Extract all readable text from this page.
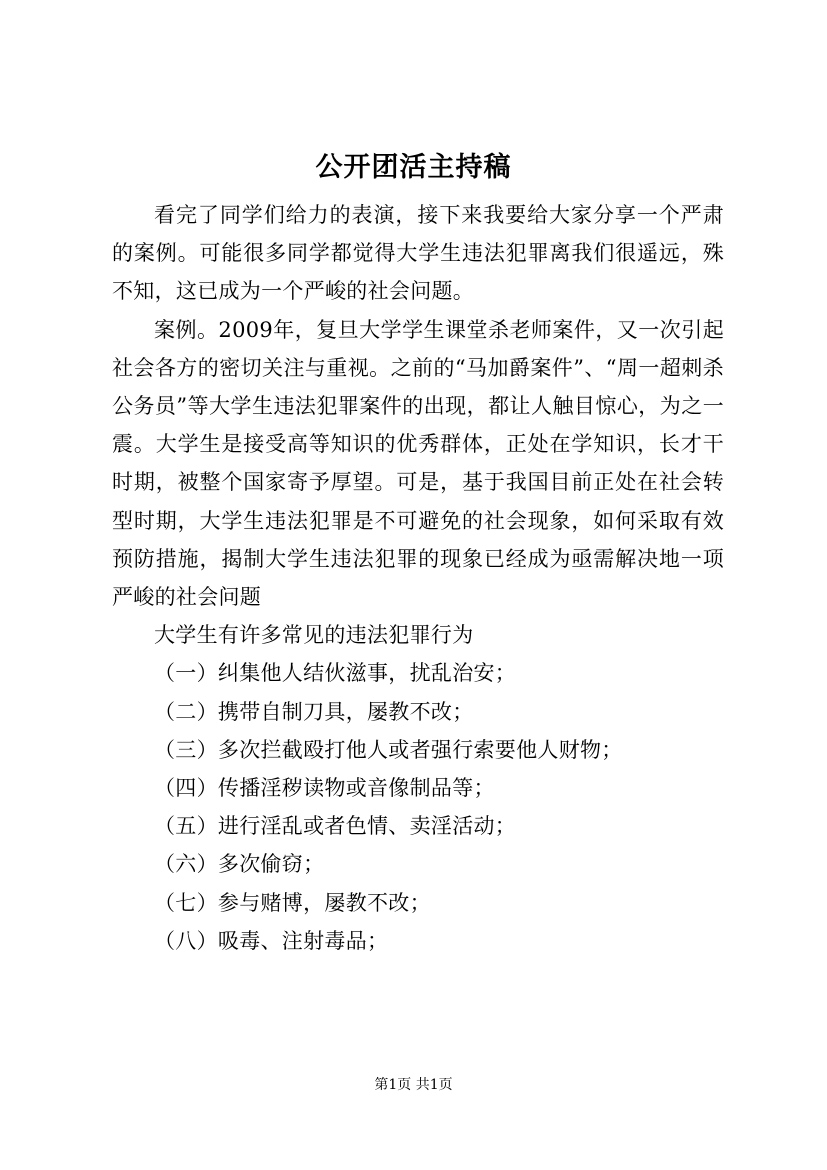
公开团活主持稿

看完了同学们给力的表演，接下来我要给大家分享一个严肃的案例。可能很多同学都觉得大学生违法犯罪离我们很遥远，殊不知，这已成为一个严峻的社会问题。

案例。2009年，复旦大学学生课堂杀老师案件，又一次引起社会各方的密切关注与重视。之前的“马加爵案件”、“周一超刺杀公务员”等大学生违法犯罪案件的出现，都让人触目惊心，为之一震。大学生是接受高等知识的优秀群体，正处在学知识，长才干时期，被整个国家寄予厚望。可是，基于我国目前正处在社会转型时期，大学生违法犯罪是不可避免的社会现象，如何采取有效预防措施，揭制大学生违法犯罪的现象已经成为亟需解决地一项严峻的社会问题

大学生有许多常见的违法犯罪行为

（一）纠集他人结伙滋事，扰乱治安；

（二）携带自制刀具，屡教不改；

（三）多次拦截殴打他人或者强行索要他人财物；

（四）传播淫秽读物或音像制品等；

（五）进行淫乱或者色情、卖淫活动；

（六）多次偷窃；

（七）参与赌博，屡教不改；

（八）吸毒、注射毒品；

第1页 共1页
